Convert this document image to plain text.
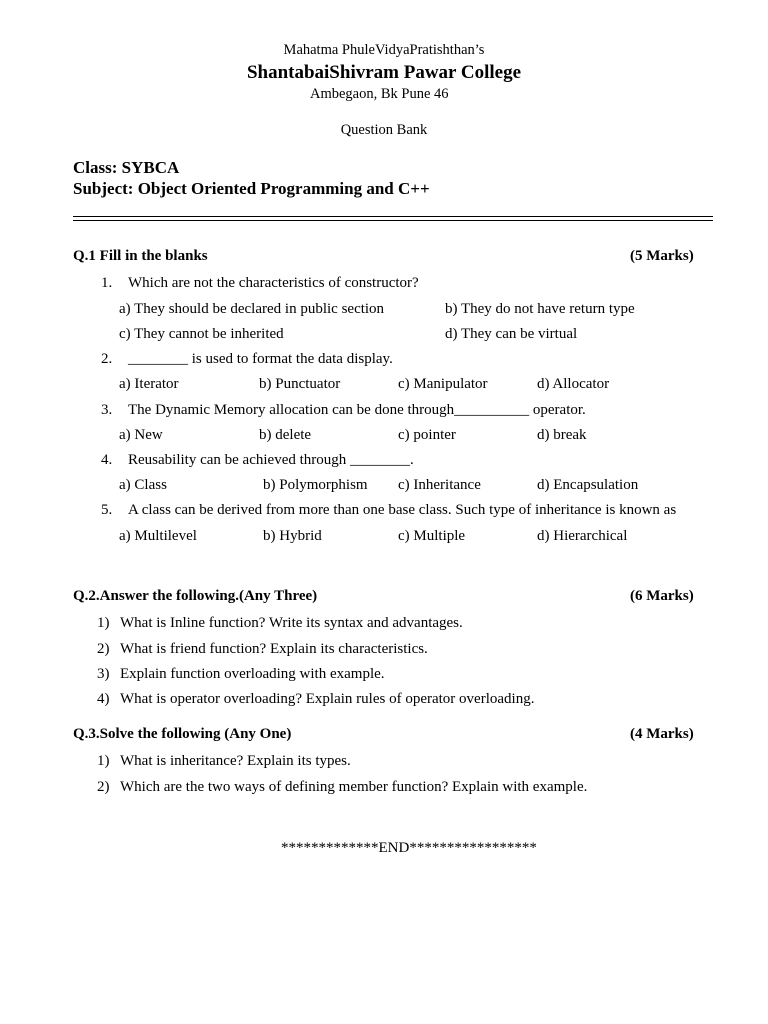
Mahatma PhuleVidyaPratishthan’s
ShantabaiShivram Pawar College
Ambegaon, Bk Pune 46
Question Bank
Class: SYBCA
Subject: Object Oriented Programming and C++
Q.1 Fill in the blanks	(5 Marks)
1. Which are not the characteristics of constructor?
a) They should be declared in public section	b) They do not have return type
c) They cannot be inherited	d) They can be virtual
2. ________ is used to format the data display.
a) Iterator	b) Punctuator	c) Manipulator	d) Allocator
3. The Dynamic Memory allocation can be done through__________ operator.
a) New	b) delete	c) pointer	d) break
4. Reusability can be achieved through ________.
a) Class	b) Polymorphism c) Inheritance	d) Encapsulation
5. A class can be derived from more than one base class. Such type of inheritance is known as
a) Multilevel	b) Hybrid	c) Multiple	d) Hierarchical
Q.2.Answer the following.(Any Three)	(6 Marks)
1) What is Inline function? Write its syntax and advantages.
2) What is friend function? Explain its characteristics.
3) Explain function overloading with example.
4) What is operator overloading? Explain rules of operator overloading.
Q.3.Solve the following (Any One)	(4 Marks)
1) What is inheritance? Explain its types.
2) Which are the two ways of defining member function? Explain with example.
*************END*****************
